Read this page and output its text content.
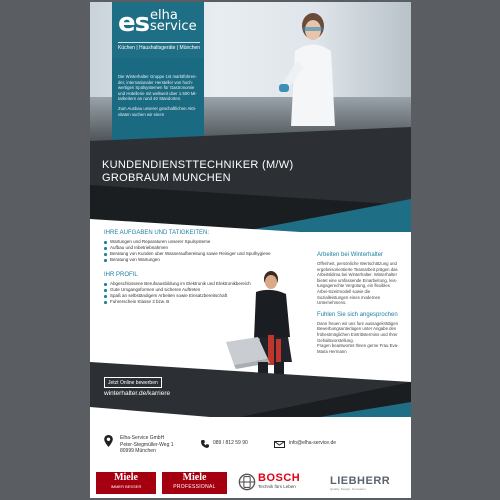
es elha
service
Küchen | Haushaltsgeräte | München
Die Winterhalter Gruppe 1st marktführen-der, internationaler Hersteller von hoch-wertigen Spülsystemen für Gastronomie und Hotellerie mit weltweit uber 1.500 Mi-tarbeitern an rund 40 Standorten.
Zum Ausbau unserer geschaftlichen Akti-vitaten suchen wir einen
KUNDENDIENSTTECHNIKER (M/W)
GROBRAUM MUNCHEN
IHRE AUFGABEN UND TATIGKEITEN:
Wartungen und Reparaturen unserer Spulsysteme
Aufbau und Inbetriebnahmen
Beratung von Kunden uber Wasseraufbereitung sowie Reiniger und Spulhygiene
Beratung von Wartungen
IHR PROFIL
Abgeschlossene Berufsausbildung im Elektronik und Elektronikbereich
Gute Umgangsformen und sicheres Auftreten
Spaß an selbständigem Arbeiten sowie Einsatzbereitschaft
Fuhrerschein Klasse 3 bzw. B
Arbeiten bei Winterhalter
Offenheit, persönliche Wertschätzung und ergebnisorientierte Teamarbeit prägen das Arbeitsklima bei Winterhalter. Winterhalter bietet eine umfassende Einarbeitung, leis-tungsgerechte Vergütung, ein flexibles Arbei-tszeitmodell sowie die Sozialleistungen eines modernen Unternehmens.
Fuhlen Sie sich angesprochen
Dann freuen wir uns fure aussagekrättigen Bewerbungsunterlagen unter Angabe des frühestmöglichen Eintrittstermins und Ihrer Gehaltsvorstellung.
Fragen beantwortet Ihnen gerne Frau Eva-Maria Hermann
Jetzt Online bewerben
winterhalter.de/karriere
Elha-Service GmbH
Peter-Stegmüller-Weg 1
80999 München
089 / 812 59 90	info@elha-service.de
Miele
IMMER BESSER
Miele
PROFESSIONAL
BOSCH
Technik fürs Leben	LIEBHERR
Quality. Design. Innovation.
